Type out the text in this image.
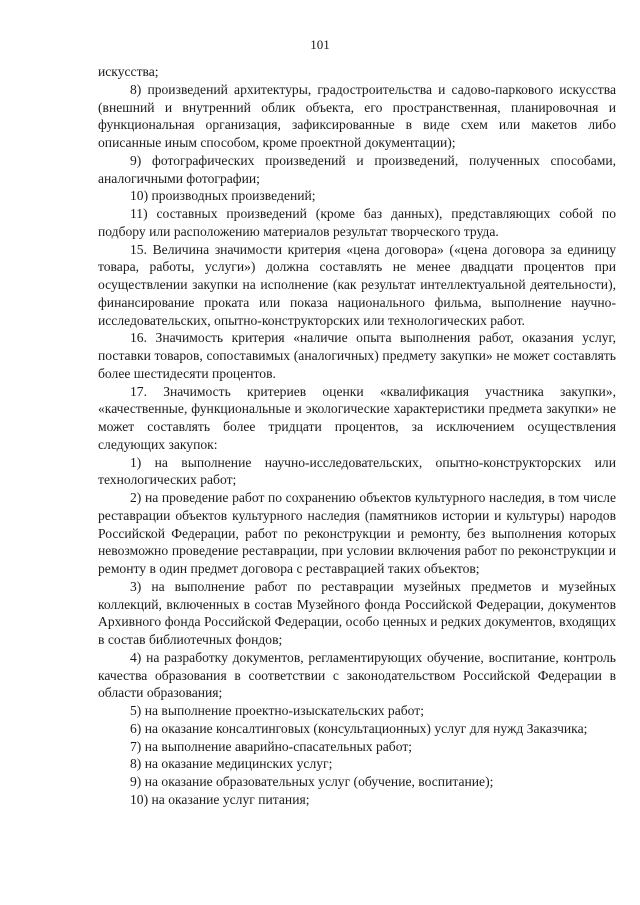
101

искусства;

8) произведений архитектуры, градостроительства и садово-паркового искусства (внешний и внутренний облик объекта, его пространственная, планировочная и функциональная организация, зафиксированные в виде схем или макетов либо описанные иным способом, кроме проектной документации);

9) фотографических произведений и произведений, полученных способами, аналогичными фотографии;

10) производных произведений;

11) составных произведений (кроме баз данных), представляющих собой по подбору или расположению материалов результат творческого труда.

15. Величина значимости критерия «цена договора» («цена договора за единицу товара, работы, услуги») должна составлять не менее двадцати процентов при осуществлении закупки на исполнение (как результат интеллектуальной деятельности), финансирование проката или показа национального фильма, выполнение научно-исследовательских, опытно-конструкторских или технологических работ.

16. Значимость критерия «наличие опыта выполнения работ, оказания услуг, поставки товаров, сопоставимых (аналогичных) предмету закупки» не может составлять более шестидесяти процентов.

17. Значимость критериев оценки «квалификация участника закупки», «качественные, функциональные и экологические характеристики предмета закупки» не может составлять более тридцати процентов, за исключением осуществления следующих закупок:

1) на выполнение научно-исследовательских, опытно-конструкторских или технологических работ;

2) на проведение работ по сохранению объектов культурного наследия, в том числе реставрации объектов культурного наследия (памятников истории и культуры) народов Российской Федерации, работ по реконструкции и ремонту, без выполнения которых невозможно проведение реставрации, при условии включения работ по реконструкции и ремонту в один предмет договора с реставрацией таких объектов;

3) на выполнение работ по реставрации музейных предметов и музейных коллекций, включенных в состав Музейного фонда Российской Федерации, документов Архивного фонда Российской Федерации, особо ценных и редких документов, входящих в состав библиотечных фондов;

4) на разработку документов, регламентирующих обучение, воспитание, контроль качества образования в соответствии с законодательством Российской Федерации в области образования;

5) на выполнение проектно-изыскательских работ;

6) на оказание консалтинговых (консультационных) услуг для нужд Заказчика;

7) на выполнение аварийно-спасательных работ;

8) на оказание медицинских услуг;

9) на оказание образовательных услуг (обучение, воспитание);

10) на оказание услуг питания;
